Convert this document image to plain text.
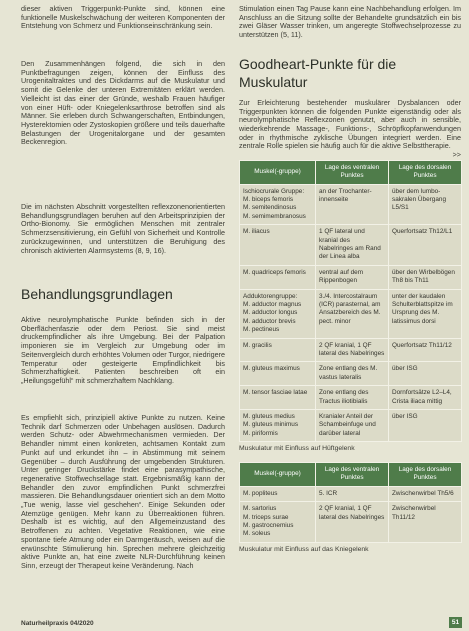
dieser aktiven Triggerpunkt-Punkte sind, können eine funktionelle Muskelschwächung der weiteren Komponenten der Entstehung von Schmerz und Funktionseinschränkung sein.

Den Zusammenhängen folgend, die sich in den Punktbefragungen zeigen, können der Einfluss des Urogenitaltraktes und des Dickdarms auf die Muskulatur und somit die Gelenke der unteren Extremitäten erklärt werden. Vielleicht ist das einer der Gründe, weshalb Frauen häufiger von einer Hüft- oder Kniegelenksarthrose betroffen sind als Männer. Sie erleben durch Schwangerschaften, Entbindungen, Hysterektomien oder Zystoskopien größere und teils dauerhafte Belastungen der Urogenitalorgane und der gesamten Beckenregion.

Die im nächsten Abschnitt vorgestellten reflexzonenorientierten Behandlungsgrundlagen beruhen auf den Arbeitsprinzipien der Ortho-Bionomy. Sie ermöglichen Menschen mit zentraler Schmerzsensitivierung, ein Gefühl von Sicherheit und Kontrolle zurückzugewinnen, und unterstützen die Beruhigung des chronisch aktivierten Alarmsystems (8, 9, 16).

Behandlungsgrundlagen

Aktive neurolymphatische Punkte befinden sich in der Oberflächenfaszie oder dem Periost. Sie sind meist druckempfindlicher als ihre Umgebung. Bei der Palpation imponieren sie im Vergleich zur Umgebung oder im Seitenvergleich durch erhöhtes Volumen oder Turgor, niedrigere Temperatur oder gesteigerte Empfindlichkeit bis Schmerzhaftigkeit. Patienten beschreiben oft ein „Heilungsgefühl“ mit schmerzhaftem Nachklang.

Es empfiehlt sich, prinzipiell aktive Punkte zu nutzen. Keine Technik darf Schmerzen oder Unbehagen auslösen. Dadurch werden Schutz- oder Abwehrmechanismen vermieden. Der Behandler nimmt einen konkreten, achtsamen Kontakt zum Punkt auf und erkundet ihn – in Abstimmung mit seinem Gegenüber – durch Ausführung der umgebenden Strukturen. Unter geringer Druckstärke findet eine parasympathische, regenerative Stoffwechsellage statt. Ergebnismäßig kann der Behandler den zuvor empfindlichen Punkt schmerzfrei massieren. Die Behandlungsdauer orientiert sich an dem Motto „Tue wenig, lasse viel geschehen“. Einige Sekunden oder Atemzüge genügen. Mehr kann zu Überreaktionen führen. Deshalb ist es wichtig, auf den Allgemeinzustand des Betroffenen zu achten. Vegetative Reaktionen, wie eine spontane tiefe Atmung oder ein Darmgeräusch, weisen auf die erwünschte Stimulierung hin. Sprechen mehrere gleichzeitig aktive Punkte an, hat eine zweite NLR-Durchführung keinen Sinn, erzeugt der Therapeut keine Veränderung. Nach

Stimulation einen Tag Pause kann eine Nachbehandlung erfolgen. Im Anschluss an die Sitzung sollte der Behandelte grundsätzlich ein bis zwei Gläser Wasser trinken, um angeregte Stoffwechselprozesse zu unterstützen (5, 11).

Goodheart-Punkte für die Muskulatur

Zur Erleichterung bestehender muskulärer Dysbalancen oder Triggerpunkten können die folgenden Punkte eigenständig oder als neurolymphatische Reflexzonen genutzt, aber auch in sensible, wiederkehrende Massage-, Funktions-, Schröpfkopfanwendungen oder in rhythmische zyklische Übungen integriert werden. Eine zentrale Rolle spielen sie häufig auch für die aktive Selbsttherapie.
>>

Muskel(-gruppe)	Lage des ventralen Punktes	Lage des dorsalen Punktes
Ischiocrurale Gruppe:
M. biceps femoris
M. semitendinosus
M. semimembranosus	an der Trochanter-innenseite	über dem lumbo-sakralen Übergang L5/S1
M. iliacus	1 QF lateral und kranial des Nabelringes am Rand der Linea alba	Querfortsatz Th12/L1
M. quadriceps femoris	ventral auf dem Rippenbogen	über den Wirbelbögen Th8 bis Th11
Adduktorengruppe:
M. adductor magnus
M. adductor longus
M. adductor brevis
M. pectineus	3./4. Intercostalraum (ICR) parasternal, am Ansatzbereich des M. pect. minor	unter der kaudalen Schulterblattspitze im Ursprung des M. latissimus dorsi
M. gracilis	2 QF kranial, 1 QF lateral des Nabelringes	Querfortsatz Th11/12
M. gluteus maximus	Zone entlang des M. vastus lateralis	über ISG
M. tensor fasciae latae	Zone entlang des Tractus iliotibialis	Dornfortsätze L2–L4, Crista iliaca mittig
M. gluteus medius
M. gluteus minimus
M. piriformis	Kranialer Anteil der Schambeinfuge und darüber lateral	über ISG

Muskulatur mit Einfluss auf Hüftgelenk

Muskel(-gruppe)	Lage des ventralen Punktes	Lage des dorsalen Punktes
M. popliteus	5. ICR	Zwischenwirbel Th5/6
M. sartorius
M. triceps surae
M. gastrocnemius
M. soleus	2 QF kranial, 1 QF lateral des Nabelringes	Zwischenwirbel Th11/12

Muskulatur mit Einfluss auf das Kniegelenk

Naturheilpraxis 04/2020	51
